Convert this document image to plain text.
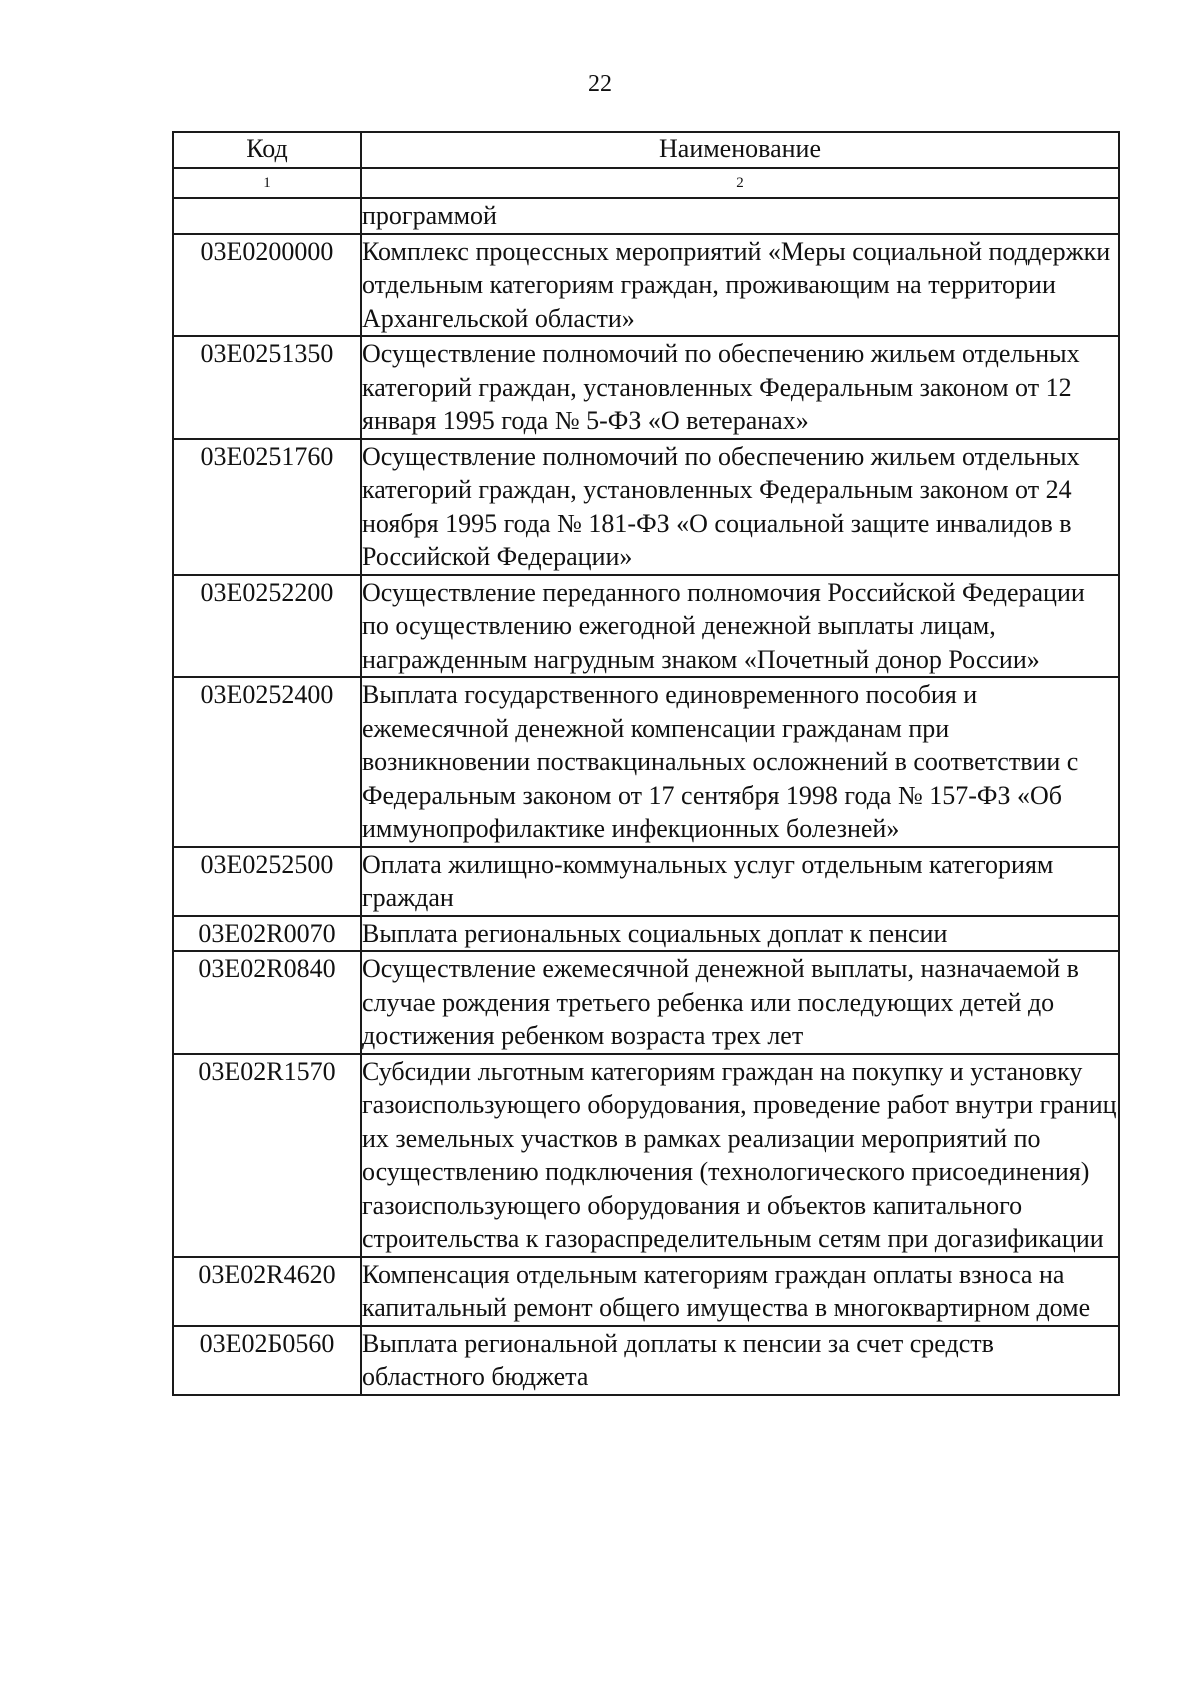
22
Код	Наименование
1	2
	программой
03Е0200000	Комплекс процессных мероприятий «Меры социальной поддержки отдельным категориям граждан, проживающим на территории Архангельской области»
03Е0251350	Осуществление полномочий по обеспечению жильем отдельных категорий граждан, установленных Федеральным законом от 12 января 1995 года № 5-ФЗ «О ветеранах»
03Е0251760	Осуществление полномочий по обеспечению жильем отдельных категорий граждан, установленных Федеральным законом от 24 ноября 1995 года № 181-ФЗ «О социальной защите инвалидов в Российской Федерации»
03Е0252200	Осуществление переданного полномочия Российской Федерации по осуществлению ежегодной денежной выплаты лицам, награжденным нагрудным знаком «Почетный донор России»
03Е0252400	Выплата государственного единовременного пособия и ежемесячной денежной компенсации гражданам при возникновении поствакцинальных осложнений в соответствии с Федеральным законом от 17 сентября 1998 года № 157-ФЗ «Об иммунопрофилактике инфекционных болезней»
03Е0252500	Оплата жилищно-коммунальных услуг отдельным категориям граждан
03Е02R0070	Выплата региональных социальных доплат к пенсии
03Е02R0840	Осуществление ежемесячной денежной выплаты, назначаемой в случае рождения третьего ребенка или последующих детей до достижения ребенком возраста трех лет
03Е02R1570	Субсидии льготным категориям граждан на покупку и установку газоиспользующего оборудования, проведение работ внутри границ их земельных участков в рамках реализации мероприятий по осуществлению подключения (технологического присоединения) газоиспользующего оборудования и объектов капитального строительства к газораспределительным сетям при догазификации
03Е02R4620	Компенсация отдельным категориям граждан оплаты взноса на капитальный ремонт общего имущества в многоквартирном доме
03Е02Б0560	Выплата региональной доплаты к пенсии за счет средств областного бюджета
